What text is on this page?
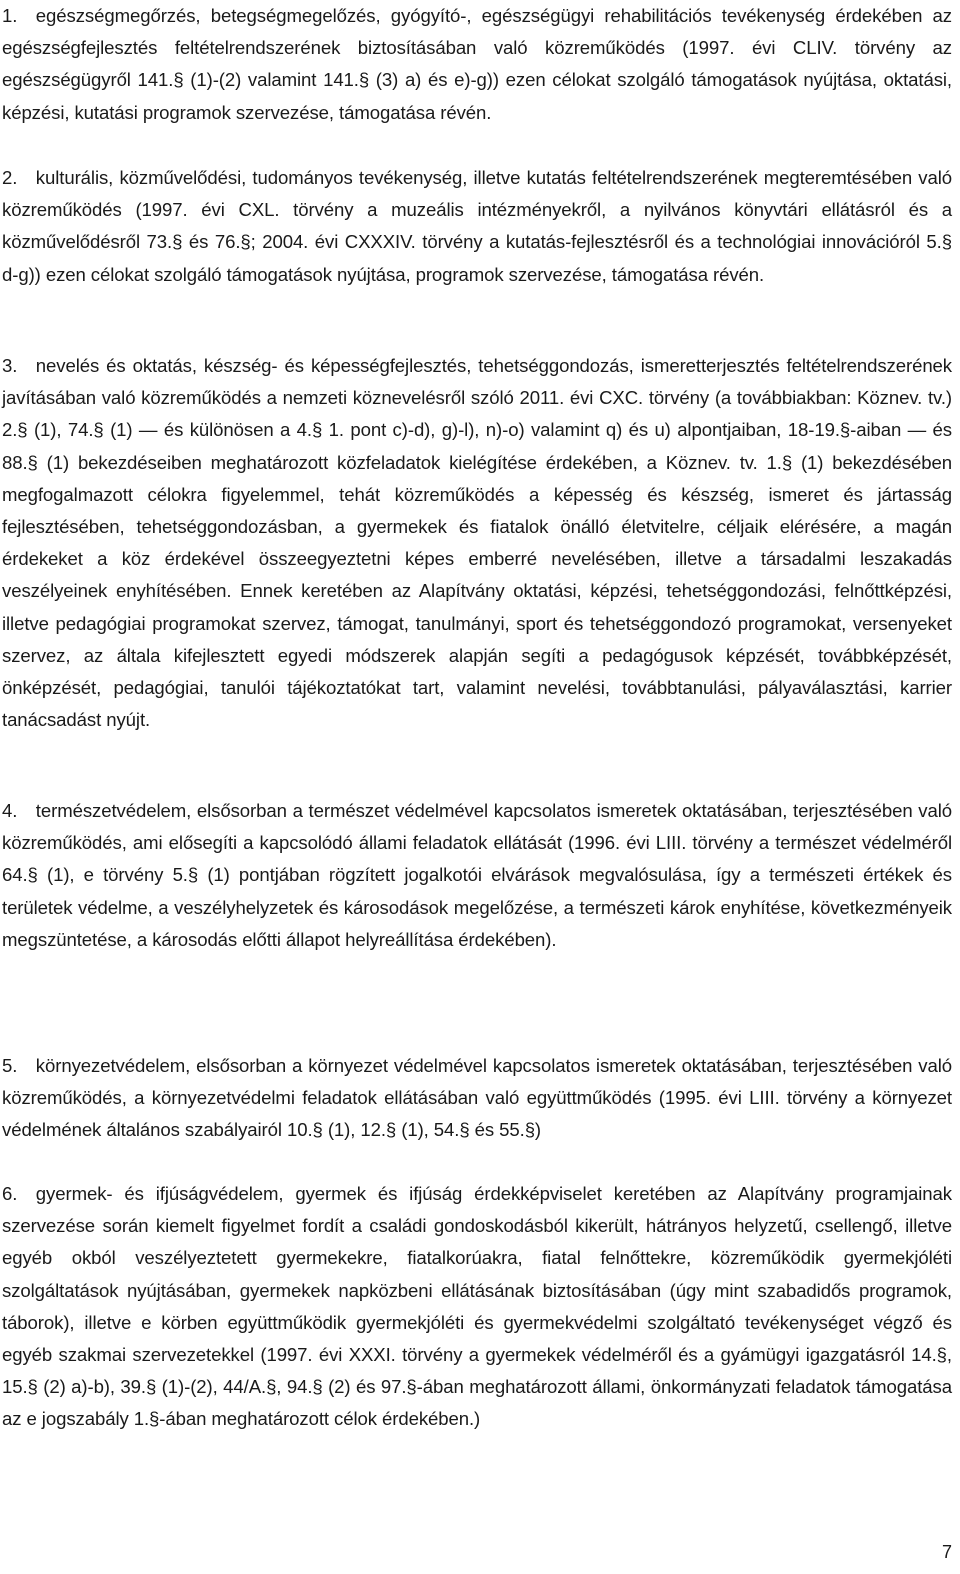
1. egészségmegőrzés, betegségmegelőzés, gyógyító-, egészségügyi rehabilitációs tevékenység érdekében az egészségfejlesztés feltételrendszerének biztosításában való közreműködés (1997. évi CLIV. törvény az egészségügyről 141.§ (1)-(2) valamint 141.§ (3) a) és e)-g)) ezen célokat szolgáló támogatások nyújtása, oktatási, képzési, kutatási programok szervezése, támogatása révén.

2. kulturális, közművelődési, tudományos tevékenység, illetve kutatás feltételrendszerének megteremtésében való közreműködés (1997. évi CXL. törvény a muzeális intézményekről, a nyilvános könyvtári ellátásról és a közművelődésről 73.§ és 76.§; 2004. évi CXXXIV. törvény a kutatás-fejlesztésről és a technológiai innovációról 5.§ d-g)) ezen célokat szolgáló támogatások nyújtása, programok szervezése, támogatása révén.

3. nevelés és oktatás, készség- és képességfejlesztés, tehetséggondozás, ismeretterjesztés feltételrendszerének javításában való közreműködés a nemzeti köznevelésről szóló 2011. évi CXC. törvény (a továbbiakban: Köznev. tv.) 2.§ (1), 74.§ (1) — és különösen a 4.§ 1. pont c)-d), g)-l), n)-o) valamint q) és u) alpontjaiban, 18-19.§-aiban — és 88.§ (1) bekezdéseiben meghatározott közfeladatok kielégítése érdekében, a Köznev. tv. 1.§ (1) bekezdésében megfogalmazott célokra figyelemmel, tehát közreműködés a képesség és készség, ismeret és jártasság fejlesztésében, tehetséggondozásban, a gyermekek és fiatalok önálló életvitelre, céljaik elérésére, a magán érdekeket a köz érdekével összeegyeztetni képes emberré nevelésében, illetve a társadalmi leszakadás veszélyeinek enyhítésében. Ennek keretében az Alapítvány oktatási, képzési, tehetséggondozási, felnőttképzési, illetve pedagógiai programokat szervez, támogat, tanulmányi, sport és tehetséggondozó programokat, versenyeket szervez, az általa kifejlesztett egyedi módszerek alapján segíti a pedagógusok képzését, továbbképzését, önképzését, pedagógiai, tanulói tájékoztatókat tart, valamint nevelési, továbbtanulási, pályaválasztási, karrier tanácsadást nyújt.

4. természetvédelem, elsősorban a természet védelmével kapcsolatos ismeretek oktatásában, terjesztésében való közreműködés, ami elősegíti a kapcsolódó állami feladatok ellátását (1996. évi LIII. törvény a természet védelméről 64.§ (1), e törvény 5.§ (1) pontjában rögzített jogalkotói elvárások megvalósulása, így a természeti értékek és területek védelme, a veszélyhelyzetek és károsodások megelőzése, a természeti károk enyhítése, következményeik megszüntetése, a károsodás előtti állapot helyreállítása érdekében).

5. környezetvédelem, elsősorban a környezet védelmével kapcsolatos ismeretek oktatásában, terjesztésében való közreműködés, a környezetvédelmi feladatok ellátásában való együttműködés (1995. évi LIII. törvény a környezet védelmének általános szabályairól 10.§ (1), 12.§ (1), 54.§ és 55.§)

6. gyermek- és ifjúságvédelem, gyermek és ifjúság érdekképviselet keretében az Alapítvány programjainak szervezése során kiemelt figyelmet fordít a családi gondoskodásból kikerült, hátrányos helyzetű, csellengő, illetve egyéb okból veszélyeztetett gyermekekre, fiatalkorúakra, fiatal felnőttekre, közreműködik gyermekjóléti szolgáltatások nyújtásában, gyermekek napközbeni ellátásának biztosításában (úgy mint szabadidős programok, táborok), illetve e körben együttműködik gyermekjóléti és gyermekvédelmi szolgáltató tevékenységet végző és egyéb szakmai szervezetekkel (1997. évi XXXI. törvény a gyermekek védelméről és a gyámügyi igazgatásról 14.§, 15.§ (2) a)-b), 39.§ (1)-(2), 44/A.§, 94.§ (2) és 97.§-ában meghatározott állami, önkormányzati feladatok támogatása az e jogszabály 1.§-ában meghatározott célok érdekében.)

7
